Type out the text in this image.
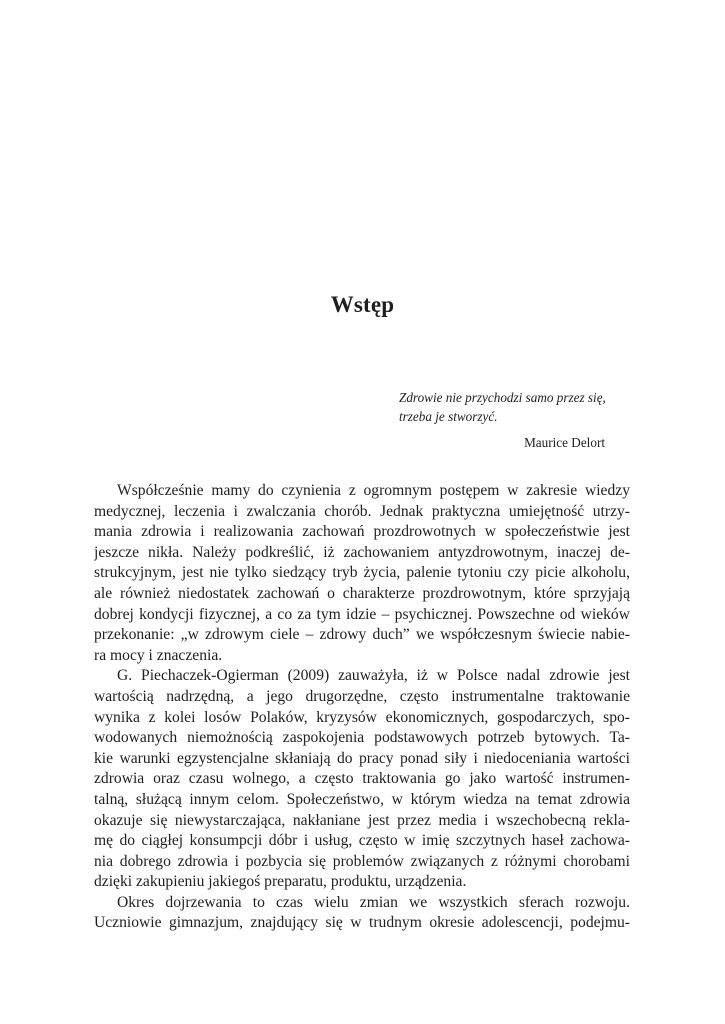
Wstęp
Zdrowie nie przychodzi samo przez się,
trzeba je stworzyć.
Maurice Delort
Współcześnie mamy do czynienia z ogromnym postępem w zakresie wiedzy
medycznej, leczenia i zwalczania chorób. Jednak praktyczna umiejętność utrzy-
mania zdrowia i realizowania zachowań prozdrowotnych w społeczeństwie jest
jeszcze nikła. Należy podkreślić, iż zachowaniem antyzdrowotnym, inaczej de-
strukcyjnym, jest nie tylko siedzący tryb życia, palenie tytoniu czy picie alkoholu,
ale również niedostatek zachowań o charakterze prozdrowotnym, które sprzyjają
dobrej kondycji fizycznej, a co za tym idzie – psychicznej. Powszechne od wieków
przekonanie: „w zdrowym ciele – zdrowy duch” we współczesnym świecie nabie-
ra mocy i znaczenia.
G. Piechaczek-Ogierman (2009) zauważyła, iż w Polsce nadal zdrowie jest
wartością nadrzędną, a jego drugorzędne, często instrumentalne traktowanie
wynika z kolei losów Polaków, kryzysów ekonomicznych, gospodarczych, spo-
wodowanych niemożnością zaspokojenia podstawowych potrzeb bytowych. Ta-
kie warunki egzystencjalne skłaniają do pracy ponad siły i niedoceniania wartości
zdrowia oraz czasu wolnego, a często traktowania go jako wartość instrumen-
talną, służącą innym celom. Społeczeństwo, w którym wiedza na temat zdrowia
okazuje się niewystarczająca, nakłaniane jest przez media i wszechobecną rekla-
mę do ciągłej konsumpcji dóbr i usług, często w imię szczytnych haseł zachowa-
nia dobrego zdrowia i pozbycia się problemów związanych z różnymi chorobami
dzięki zakupieniu jakiegoś preparatu, produktu, urządzenia.
Okres dojrzewania to czas wielu zmian we wszystkich sferach rozwoju.
Uczniowie gimnazjum, znajdujący się w trudnym okresie adolescencji, podejmu-
